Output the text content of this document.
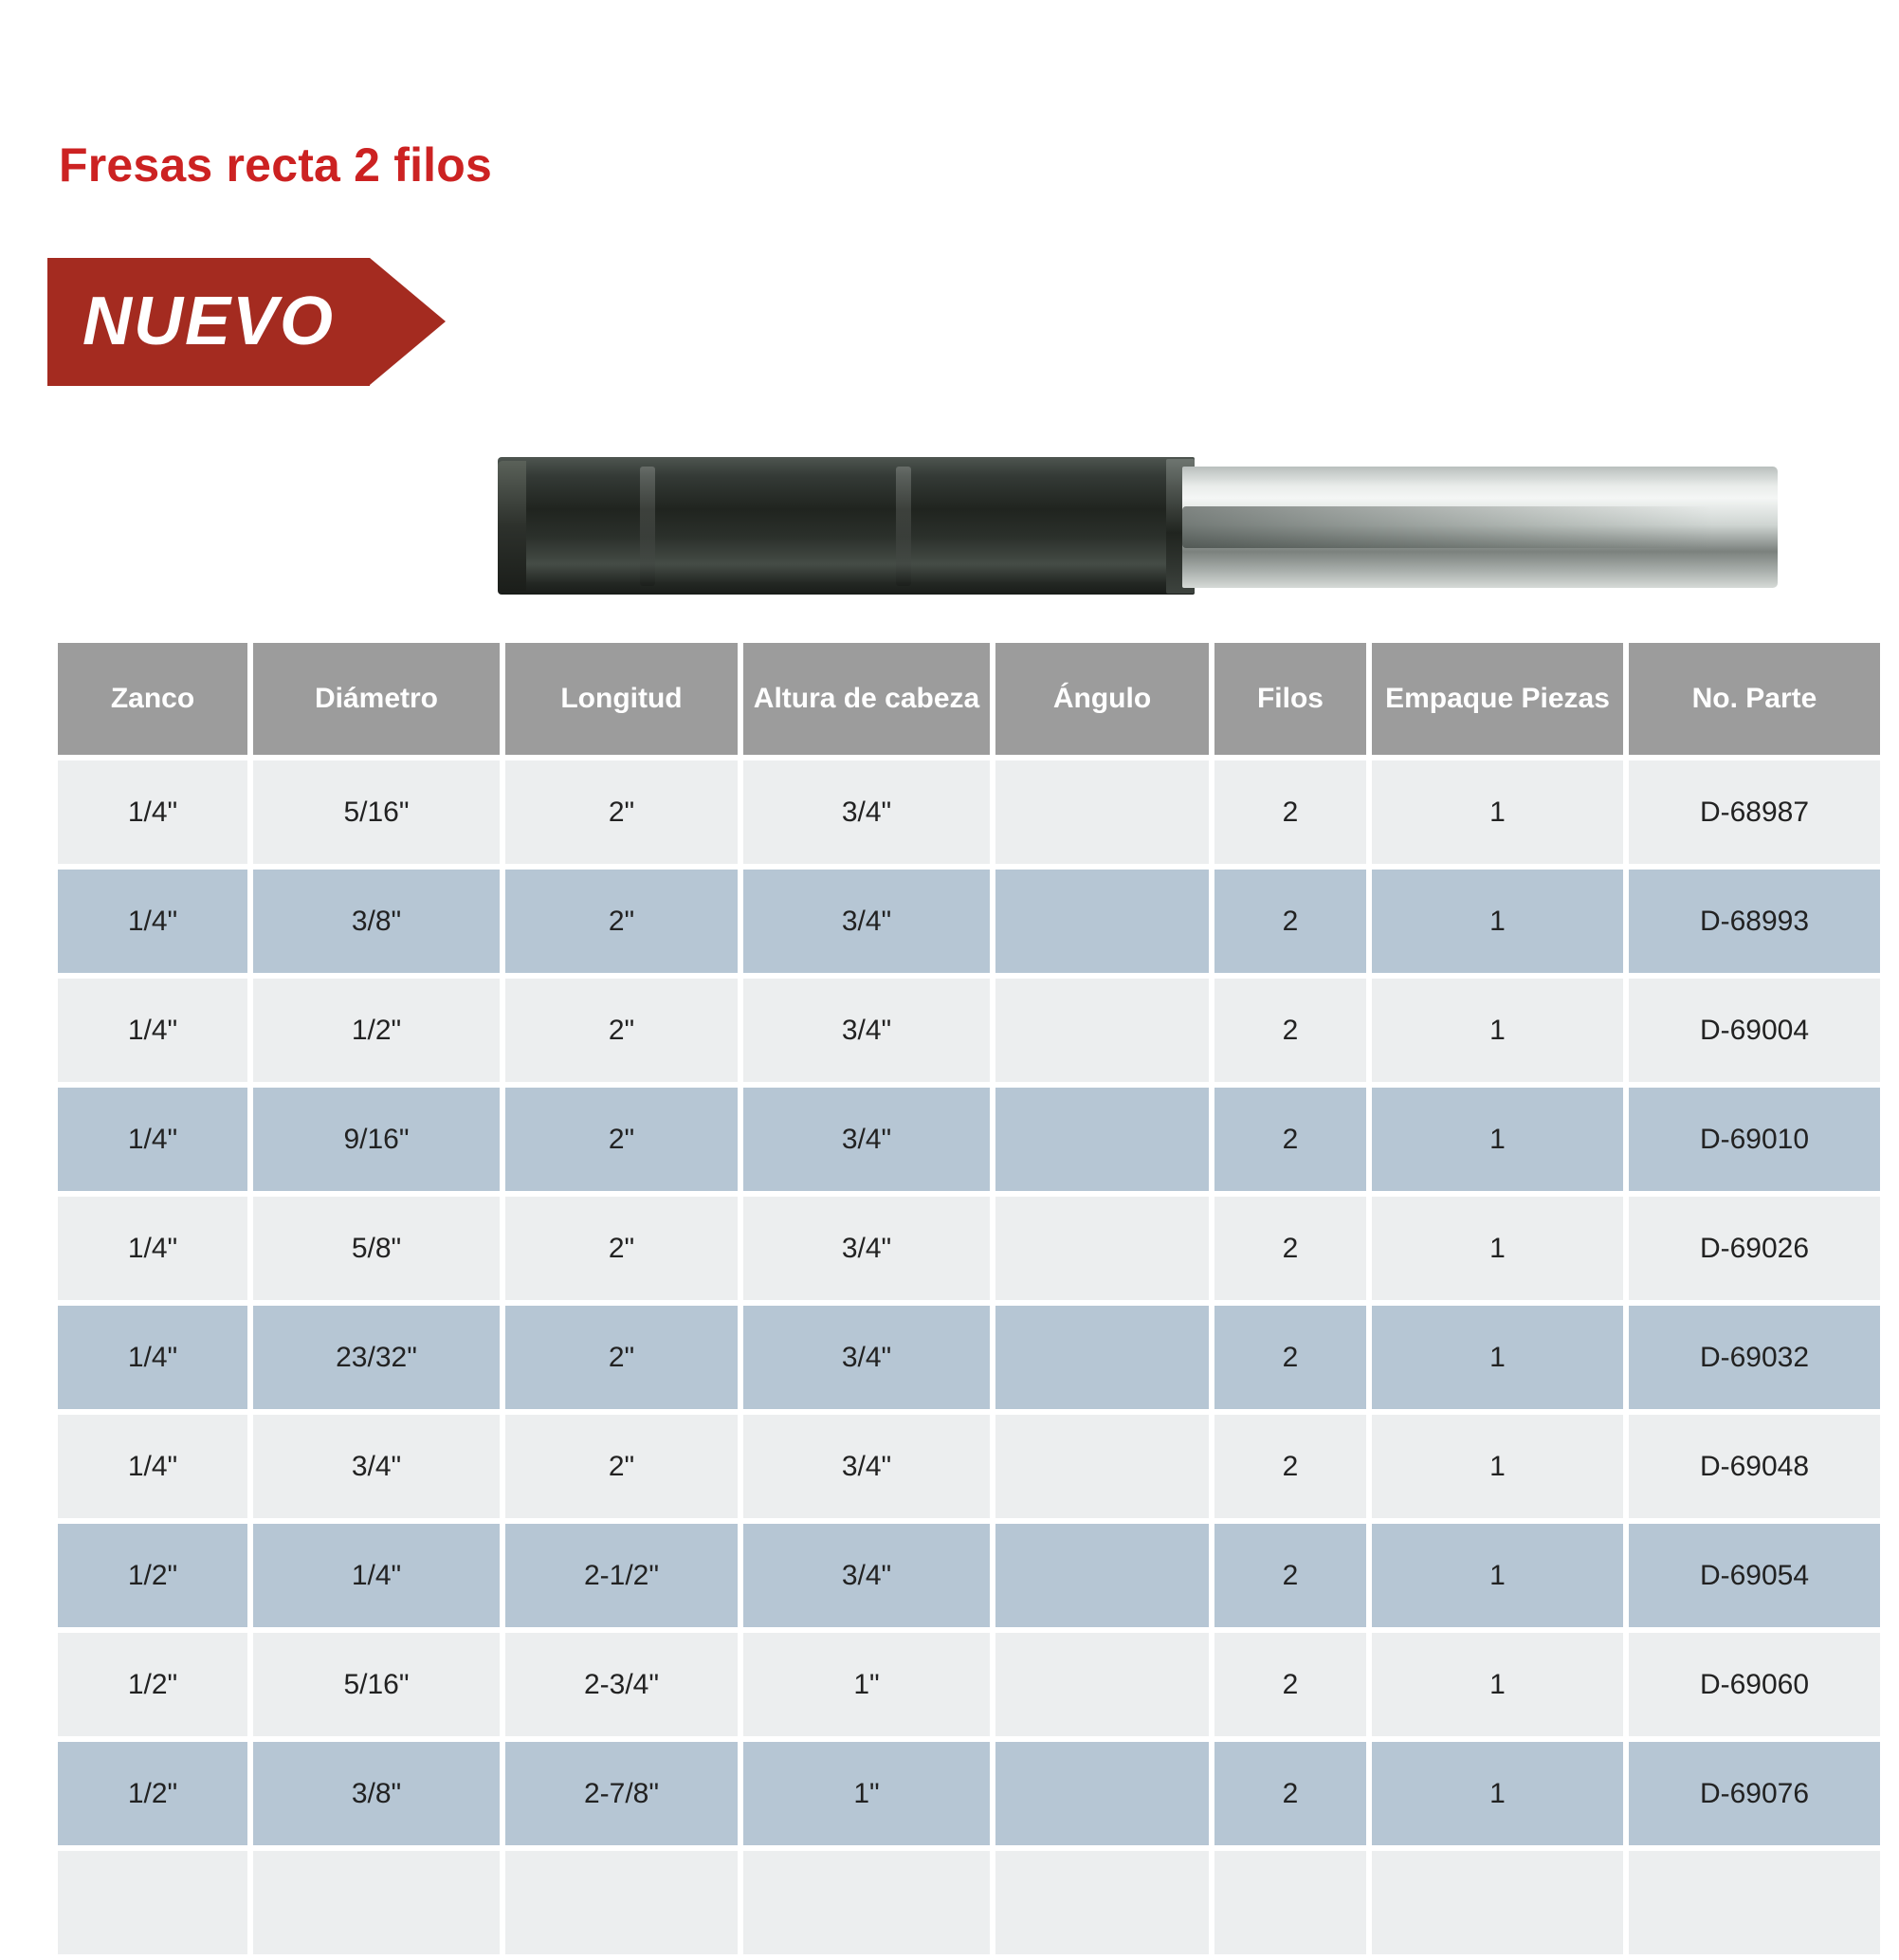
Fresas recta 2 filos
NUEVO
Zanco	Diámetro	Longitud	Altura de cabeza	Ángulo	Filos	Empaque Piezas	No. Parte
1/4"	5/16"	2"	3/4"		2	1	D-68987
1/4"	3/8"	2"	3/4"		2	1	D-68993
1/4"	1/2"	2"	3/4"		2	1	D-69004
1/4"	9/16"	2"	3/4"		2	1	D-69010
1/4"	5/8"	2"	3/4"		2	1	D-69026
1/4"	23/32"	2"	3/4"		2	1	D-69032
1/4"	3/4"	2"	3/4"		2	1	D-69048
1/2"	1/4"	2-1/2"	3/4"		2	1	D-69054
1/2"	5/16"	2-3/4"	1"		2	1	D-69060
1/2"	3/8"	2-7/8"	1"		2	1	D-69076
